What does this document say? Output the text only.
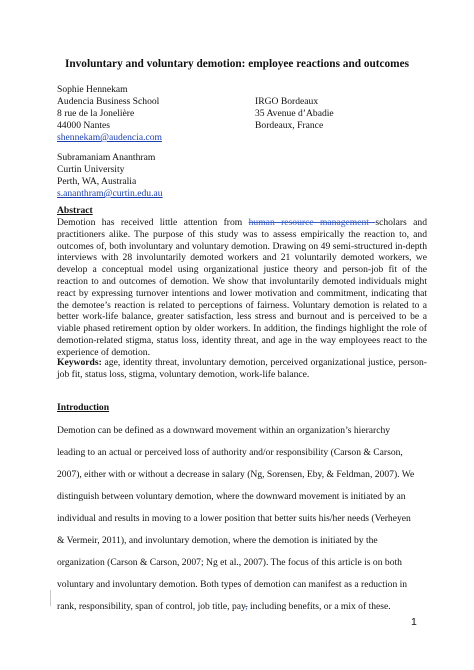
Involuntary and voluntary demotion: employee reactions and outcomes
Sophie Hennekam
Audencia Business School
8 rue de la Jonelière
44000 Nantes
shennekam@audencia.com
IRGO Bordeaux
35 Avenue d’Abadie
Bordeaux, France
Subramaniam Ananthram
Curtin University
Perth, WA, Australia
s.ananthram@curtin.edu.au
Abstract
Demotion has received little attention from human resource management scholars and practitioners alike. The purpose of this study was to assess empirically the reaction to, and outcomes of, both involuntary and voluntary demotion. Drawing on 49 semi-structured in-depth interviews with 28 involuntarily demoted workers and 21 voluntarily demoted workers, we develop a conceptual model using organizational justice theory and person-job fit of the reaction to and outcomes of demotion. We show that involuntarily demoted individuals might react by expressing turnover intentions and lower motivation and commitment, indicating that the demotee’s reaction is related to perceptions of fairness. Voluntary demotion is related to a better work-life balance, greater satisfaction, less stress and burnout and is perceived to be a viable phased retirement option by older workers. In addition, the findings highlight the role of demotion-related stigma, status loss, identity threat, and age in the way employees react to the experience of demotion.
Keywords: age, identity threat, involuntary demotion, perceived organizational justice, person-job fit, status loss, stigma, voluntary demotion, work-life balance.
Introduction
Demotion can be defined as a downward movement within an organization’s hierarchy
leading to an actual or perceived loss of authority and/or responsibility (Carson & Carson,
2007), either with or without a decrease in salary (Ng, Sorensen, Eby, & Feldman, 2007). We
distinguish between voluntary demotion, where the downward movement is initiated by an
individual and results in moving to a lower position that better suits his/her needs (Verheyen
& Vermeir, 2011), and involuntary demotion, where the demotion is initiated by the
organization (Carson & Carson, 2007; Ng et al., 2007). The focus of this article is on both
voluntary and involuntary demotion. Both types of demotion can manifest as a reduction in
rank, responsibility, span of control, job title, pay, including benefits, or a mix of these.
1
